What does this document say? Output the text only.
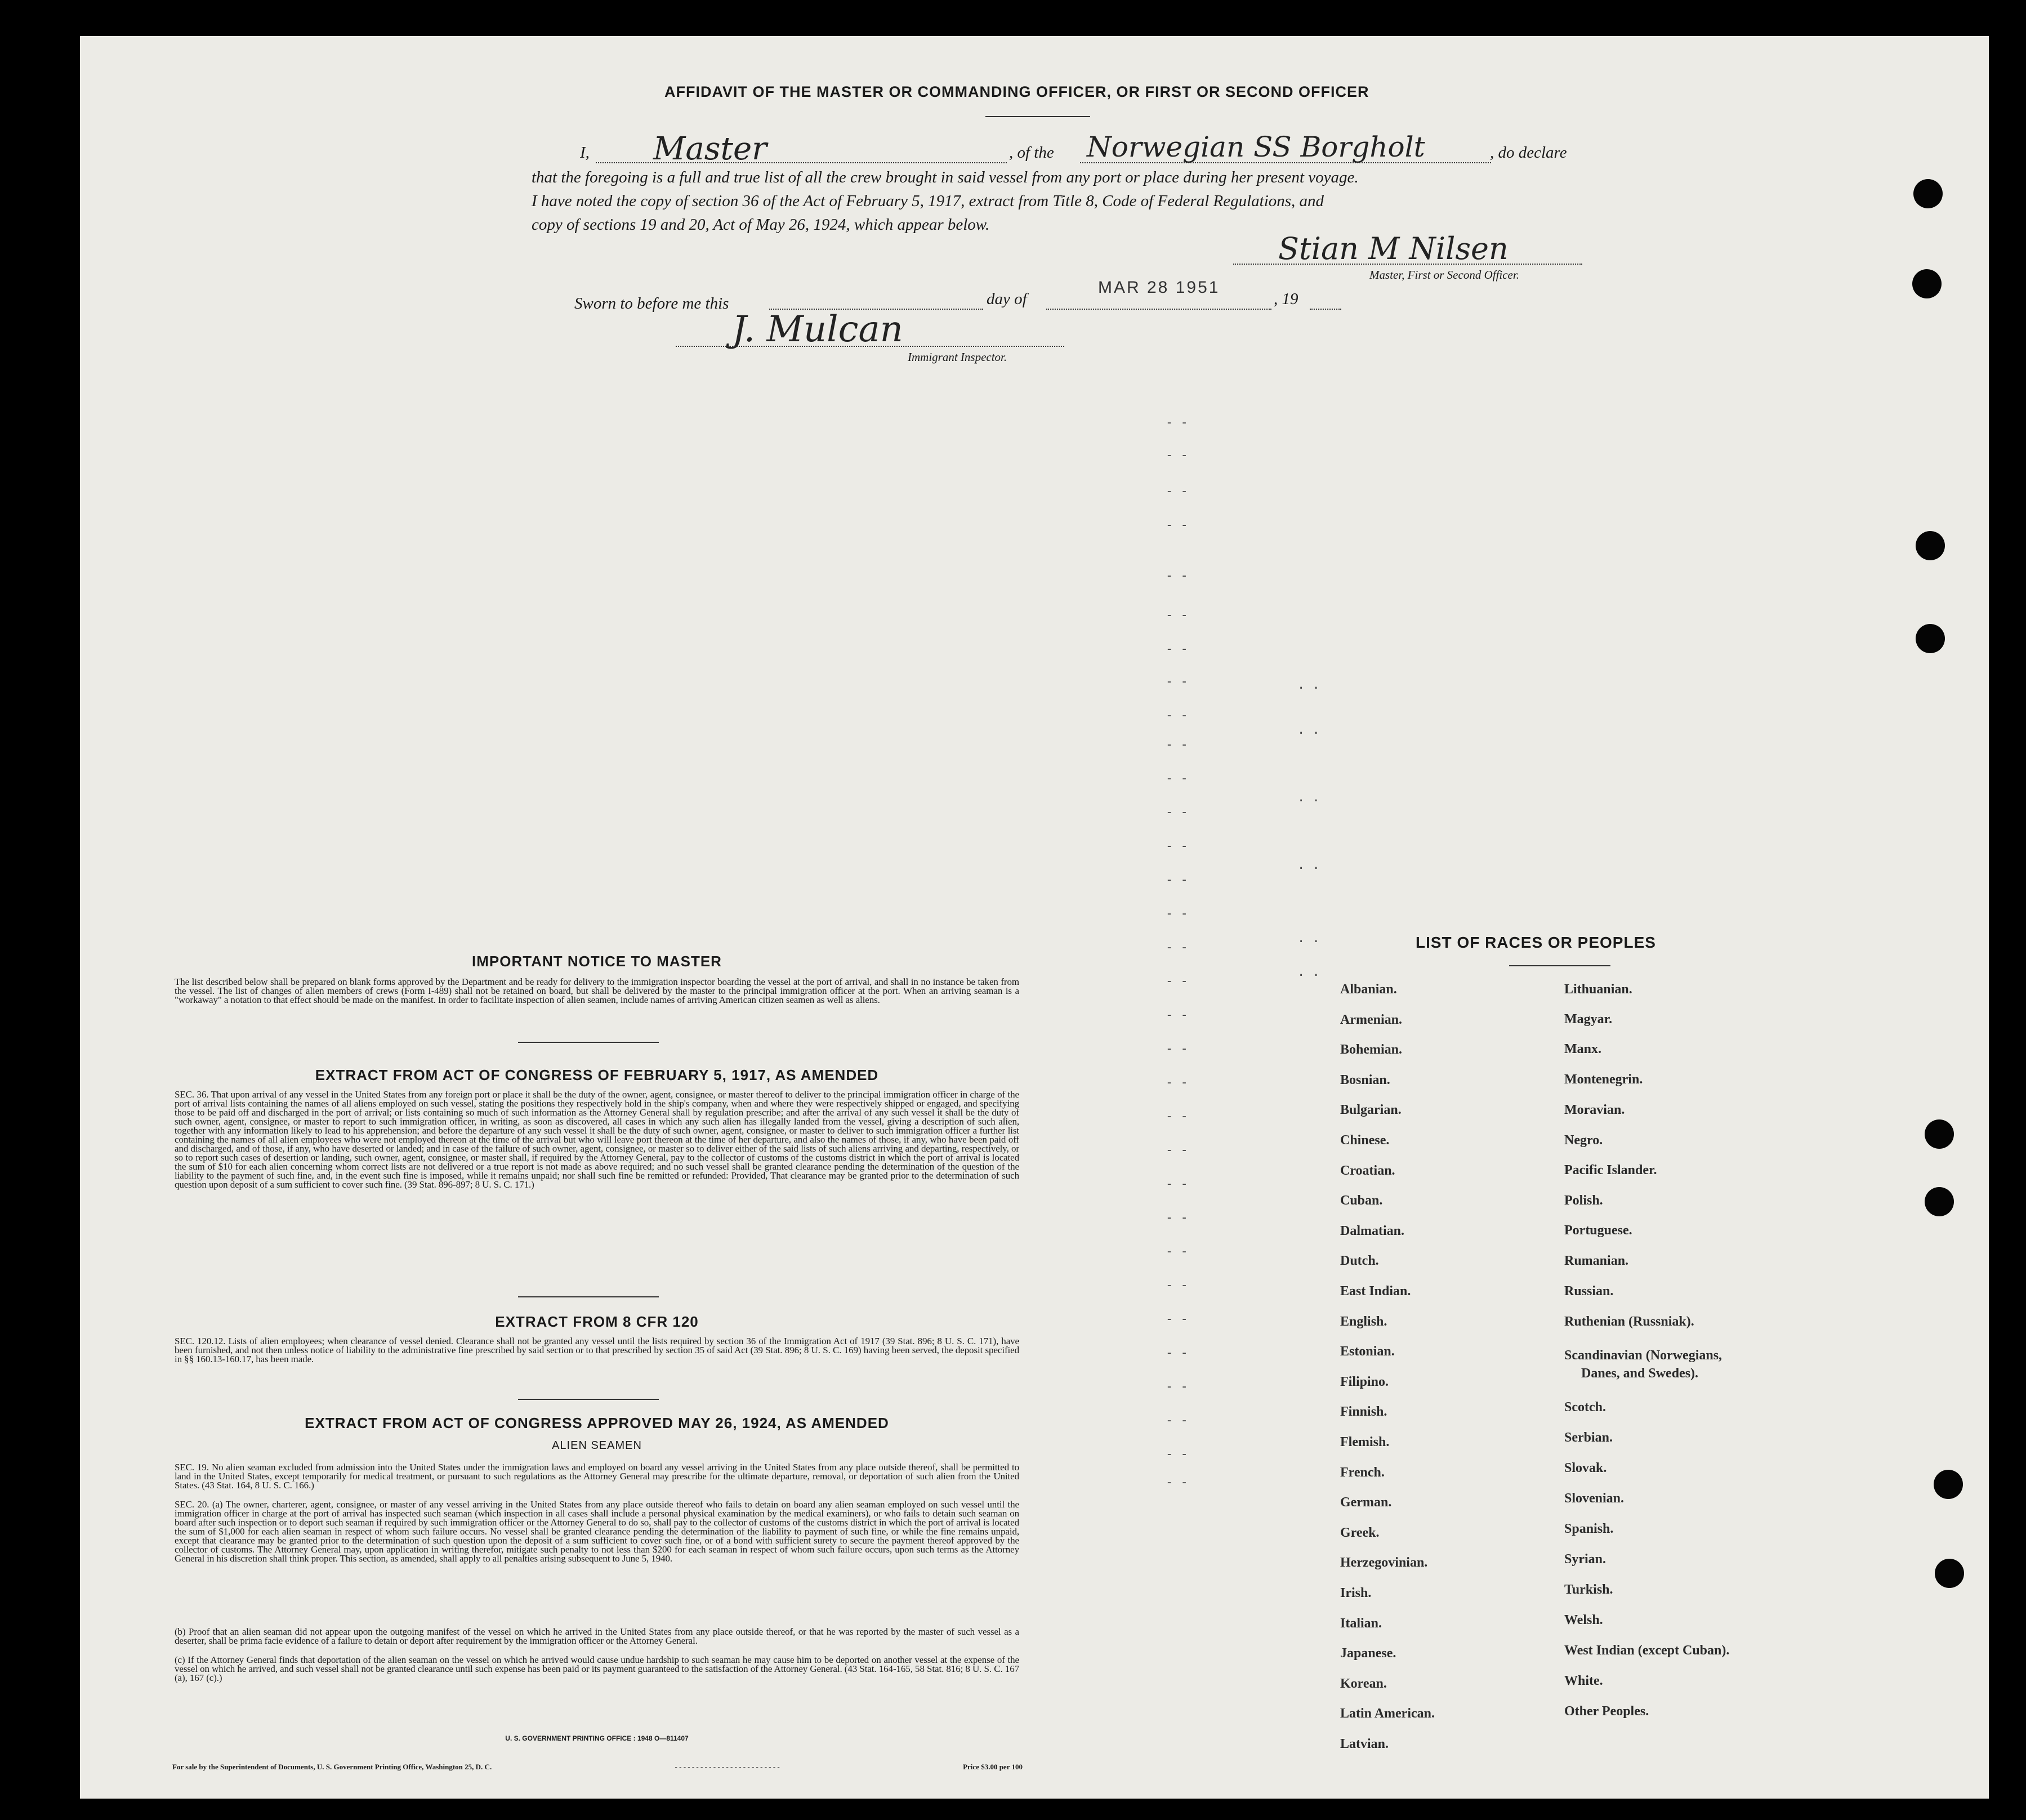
AFFIDAVIT OF THE MASTER OR COMMANDING OFFICER, OR FIRST OR SECOND OFFICER
I,	Master	, of the Norwegian SS Borgholt	, do declare
that the foregoing is a full and true list of all the crew brought in said vessel from any port or place during her present voyage.
I have noted the copy of section 36 of the Act of February 5, 1917, extract from Title 8, Code of Federal Regulations, and
copy of sections 19 and 20, Act of May 26, 1924, which appear below.
Stian M Nilsen
Master, First or Second Officer.
Sworn to before me this	day of
MAR 28 1951
, 19
J. Mulcan
Immigrant Inspector.
- -
- -
- -
- -
- -
- -
- -
- -
- -
- -
- -
- -
- -
- -
- -
- -
- -
- -
- -
- -
- -
- -
- -
- -
- -
- -
- -
- -
- -
- -
- -
- -
· ·
· ·
· ·
· ·
· ·
· ·
IMPORTANT NOTICE TO MASTER
The list described below shall be prepared on blank forms approved by the Department and be ready for delivery to the immigration inspector boarding the vessel at the port of arrival, and shall in no instance be taken from the vessel. The list of changes of alien members of crews (Form I-489) shall not be retained on board, but shall be delivered by the master to the principal immigration officer at the port. When an arriving seaman is a "workaway" a notation to that effect should be made on the manifest. In order to facilitate inspection of alien seamen, include names of arriving American citizen seamen as well as aliens.
EXTRACT FROM ACT OF CONGRESS OF FEBRUARY 5, 1917, AS AMENDED
SEC. 36. That upon arrival of any vessel in the United States from any foreign port or place it shall be the duty of the owner, agent, consignee, or master thereof to deliver to the principal immigration officer in charge of the port of arrival lists containing the names of all aliens employed on such vessel, stating the positions they respectively hold in the ship's company, when and where they were respectively shipped or engaged, and specifying those to be paid off and discharged in the port of arrival; or lists containing so much of such information as the Attorney General shall by regulation prescribe; and after the arrival of any such vessel it shall be the duty of such owner, agent, consignee, or master to report to such immigration officer, in writing, as soon as discovered, all cases in which any such alien has illegally landed from the vessel, giving a description of such alien, together with any information likely to lead to his apprehension; and before the departure of any such vessel it shall be the duty of such owner, agent, consignee, or master to deliver to such immigration officer a further list containing the names of all alien employees who were not employed thereon at the time of the arrival but who will leave port thereon at the time of her departure, and also the names of those, if any, who have been paid off and discharged, and of those, if any, who have deserted or landed; and in case of the failure of such owner, agent, consignee, or master so to deliver either of the said lists of such aliens arriving and departing, respectively, or so to report such cases of desertion or landing, such owner, agent, consignee, or master shall, if required by the Attorney General, pay to the collector of customs of the customs district in which the port of arrival is located the sum of $10 for each alien concerning whom correct lists are not delivered or a true report is not made as above required; and no such vessel shall be granted clearance pending the determination of the question of the liability to the payment of such fine, and, in the event such fine is imposed, while it remains unpaid; nor shall such fine be remitted or refunded: Provided, That clearance may be granted prior to the determination of such question upon deposit of a sum sufficient to cover such fine. (39 Stat. 896-897; 8 U. S. C. 171.)
EXTRACT FROM 8 CFR 120
SEC. 120.12. Lists of alien employees; when clearance of vessel denied. Clearance shall not be granted any vessel until the lists required by section 36 of the Immigration Act of 1917 (39 Stat. 896; 8 U. S. C. 171), have been furnished, and not then unless notice of liability to the administrative fine prescribed by said section or to that prescribed by section 35 of said Act (39 Stat. 896; 8 U. S. C. 169) having been served, the deposit specified in §§ 160.13-160.17, has been made.
EXTRACT FROM ACT OF CONGRESS APPROVED MAY 26, 1924, AS AMENDED
ALIEN SEAMEN
SEC. 19. No alien seaman excluded from admission into the United States under the immigration laws and employed on board any vessel arriving in the United States from any place outside thereof, shall be permitted to land in the United States, except temporarily for medical treatment, or pursuant to such regulations as the Attorney General may prescribe for the ultimate departure, removal, or deportation of such alien from the United States. (43 Stat. 164, 8 U. S. C. 166.)
SEC. 20. (a) The owner, charterer, agent, consignee, or master of any vessel arriving in the United States from any place outside thereof who fails to detain on board any alien seaman employed on such vessel until the immigration officer in charge at the port of arrival has inspected such seaman (which inspection in all cases shall include a personal physical examination by the medical examiners), or who fails to detain such seaman on board after such inspection or to deport such seaman if required by such immigration officer or the Attorney General to do so, shall pay to the collector of customs of the customs district in which the port of arrival is located the sum of $1,000 for each alien seaman in respect of whom such failure occurs. No vessel shall be granted clearance pending the determination of the liability to payment of such fine, or while the fine remains unpaid, except that clearance may be granted prior to the determination of such question upon the deposit of a sum sufficient to cover such fine, or of a bond with sufficient surety to secure the payment thereof approved by the collector of customs. The Attorney General may, upon application in writing therefor, mitigate such penalty to not less than $200 for each seaman in respect of whom such failure occurs, upon such terms as the Attorney General in his discretion shall think proper. This section, as amended, shall apply to all penalties arising subsequent to June 5, 1940.
(b) Proof that an alien seaman did not appear upon the outgoing manifest of the vessel on which he arrived in the United States from any place outside thereof, or that he was reported by the master of such vessel as a deserter, shall be prima facie evidence of a failure to detain or deport after requirement by the immigration officer or the Attorney General.
(c) If the Attorney General finds that deportation of the alien seaman on the vessel on which he arrived would cause undue hardship to such seaman he may cause him to be deported on another vessel at the expense of the vessel on which he arrived, and such vessel shall not be granted clearance until such expense has been paid or its payment guaranteed to the satisfaction of the Attorney General. (43 Stat. 164-165, 58 Stat. 816; 8 U. S. C. 167 (a), 167 (c).)
U. S. GOVERNMENT PRINTING OFFICE : 1948 O—811407
For sale by the Superintendent of Documents, U. S. Government Printing Office, Washington 25, D. C.	- - - - - - - - - - - - - - - - - - - - - - - - -	Price $3.00 per 100
LIST OF RACES OR PEOPLES
Albanian.
Armenian.
Bohemian.
Bosnian.
Bulgarian.
Chinese.
Croatian.
Cuban.
Dalmatian.
Dutch.
East Indian.
English.
Estonian.
Filipino.
Finnish.
Flemish.
French.
German.
Greek.
Herzegovinian.
Irish.
Italian.
Japanese.
Korean.
Latin American.
Latvian.
Lithuanian.
Magyar.
Manx.
Montenegrin.
Moravian.
Negro.
Pacific Islander.
Polish.
Portuguese.
Rumanian.
Russian.
Ruthenian (Russniak).
Scandinavian (Norwegians,
Danes, and Swedes).
Scotch.
Serbian.
Slovak.
Slovenian.
Spanish.
Syrian.
Turkish.
Welsh.
West Indian (except Cuban).
White.
Other Peoples.
